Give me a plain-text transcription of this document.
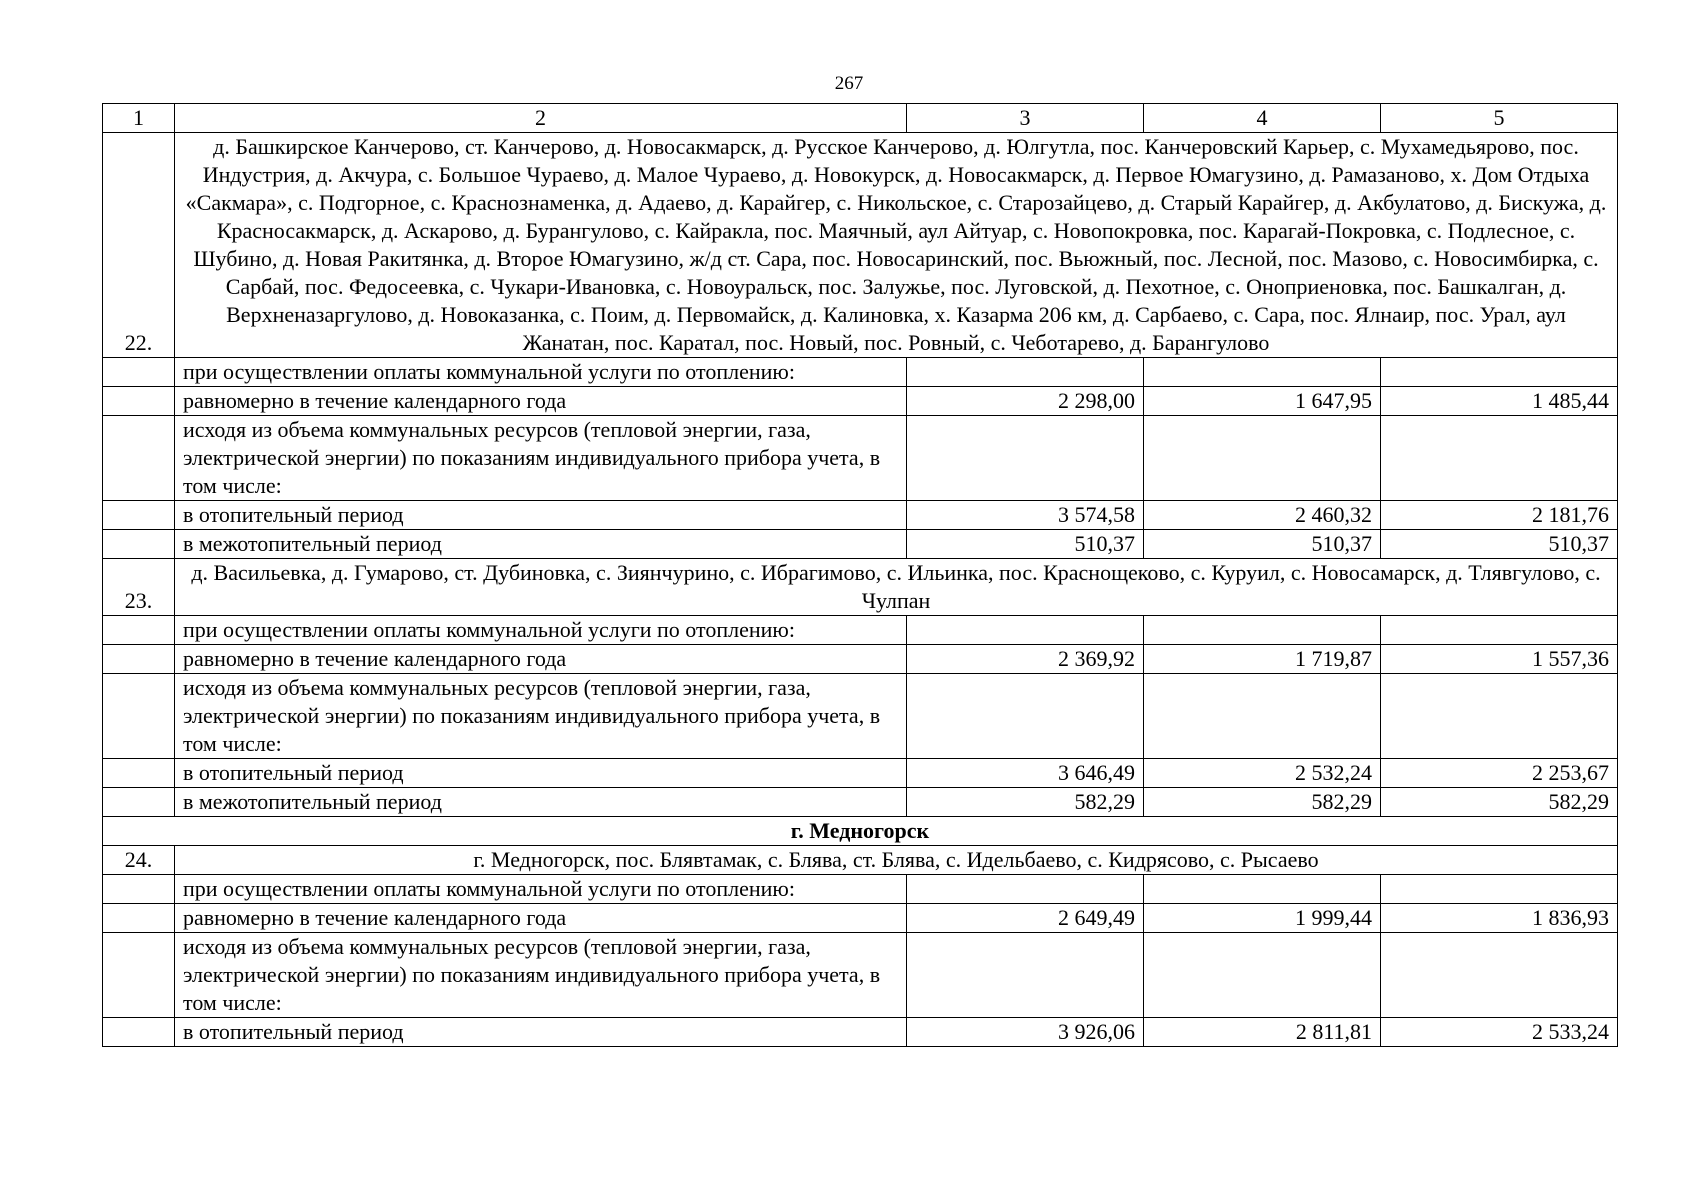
267
1	2	3	4	5
22.	д. Башкирское Канчерово, ст. Канчерово, д. Новосакмарск, д. Русское Канчерово, д. Юлгутла, пос. Канчеровский Карьер, с. Мухамедьярово, пос. Индустрия, д. Акчура, с. Большое Чураево, д. Малое Чураево, д. Новокурск, д. Новосакмарск, д. Первое Юмагузино, д. Рамазаново, х. Дом Отдыха «Сакмара», с. Подгорное, с. Краснознаменка, д. Адаево, д. Карайгер, с. Никольское, с. Старозайцево, д. Старый Карайгер, д. Акбулатово, д. Бискужа, д. Красносакмарск, д. Аскарово, д. Бурангулово, с. Кайракла, пос. Маячный, аул Айтуар, с. Новопокровка, пос. Карагай-Покровка, с. Подлесное, с. Шубино, д. Новая Ракитянка, д. Второе Юмагузино, ж/д ст. Сара, пос. Новосаринский, пос. Вьюжный, пос. Лесной, пос. Мазово, с. Новосимбирка, с. Сарбай, пос. Федосеевка, с. Чукари-Ивановка, с. Новоуральск, пос. Залужье, пос. Луговской, д. Пехотное, с. Оноприеновка, пос. Башкалган, д. Верхненазаргулово, д. Новоказанка, с. Поим, д. Первомайск, д. Калиновка, х. Казарма 206 км, д. Сарбаево, с. Сара, пос. Ялнаир, пос. Урал, аул Жанатан, пос. Каратал, пос. Новый, пос. Ровный, с. Чеботарево, д. Барангулово			
	при осуществлении оплаты коммунальной услуги по отоплению:			
	равномерно в течение календарного года	2 298,00	1 647,95	1 485,44
	исходя из объема коммунальных ресурсов (тепловой энергии, газа, электрической энергии) по показаниям индивидуального прибора учета, в том числе:			
	в отопительный период	3 574,58	2 460,32	2 181,76
	в межотопительный период	510,37	510,37	510,37
23.	д. Васильевка, д. Гумарово, ст. Дубиновка, с. Зиянчурино, с. Ибрагимово, с. Ильинка, пос. Краснощеково, с. Куруил, с. Новосамарск, д. Тлявгулово, с. Чулпан			
	при осуществлении оплаты коммунальной услуги по отоплению:			
	равномерно в течение календарного года	2 369,92	1 719,87	1 557,36
	исходя из объема коммунальных ресурсов (тепловой энергии, газа, электрической энергии) по показаниям индивидуального прибора учета, в том числе:			
	в отопительный период	3 646,49	2 532,24	2 253,67
	в межотопительный период	582,29	582,29	582,29
г. Медногорск				
24.	г. Медногорск, пос. Блявтамак, с. Блява, ст. Блява, с. Идельбаево, с. Кидрясово, с. Рысаево			
	при осуществлении оплаты коммунальной услуги по отоплению:			
	равномерно в течение календарного года	2 649,49	1 999,44	1 836,93
	исходя из объема коммунальных ресурсов (тепловой энергии, газа, электрической энергии) по показаниям индивидуального прибора учета, в том числе:			
	в отопительный период	3 926,06	2 811,81	2 533,24
